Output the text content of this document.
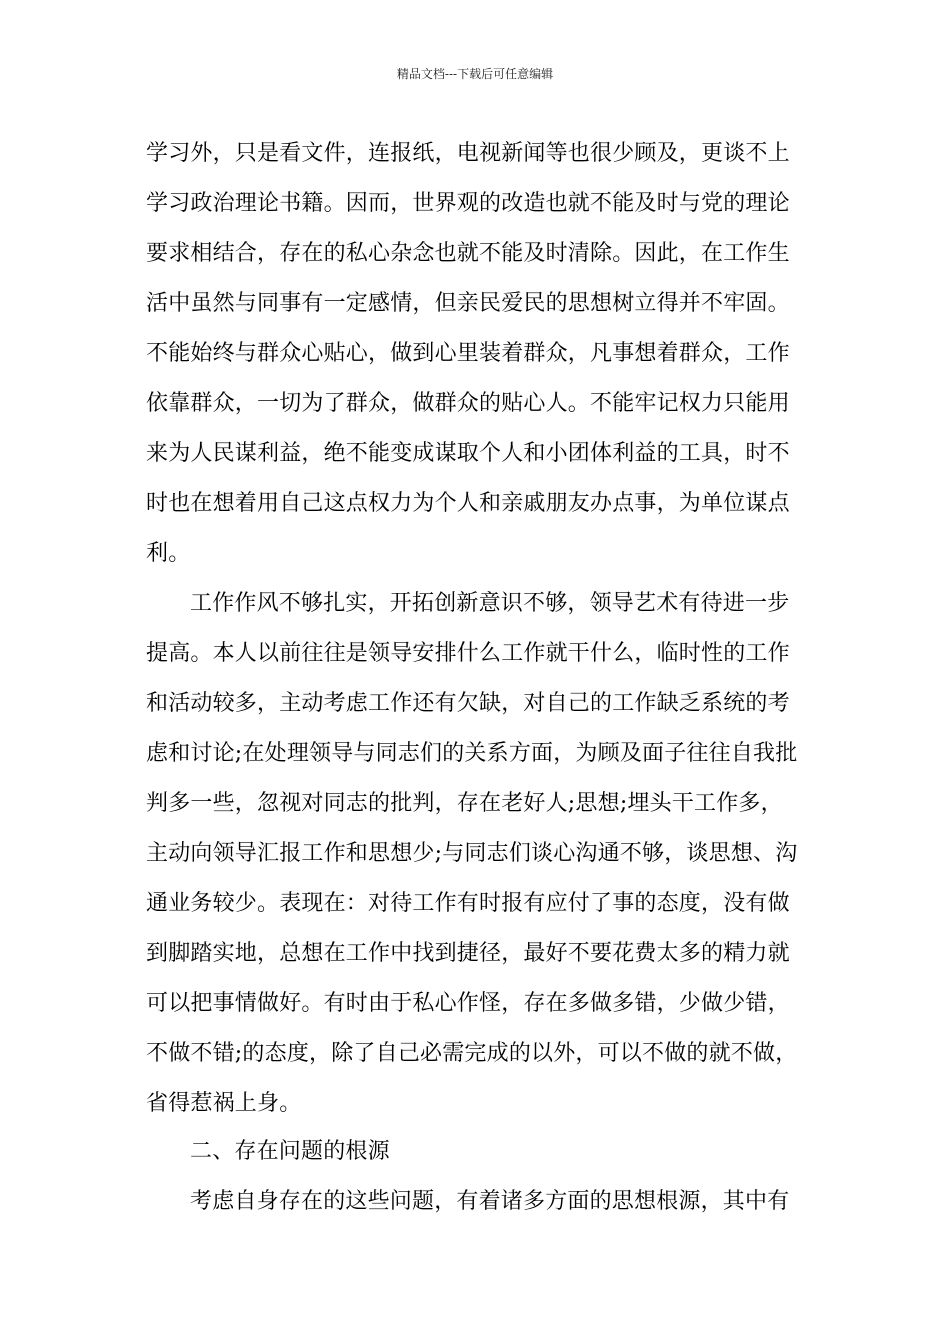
精品文档---下载后可任意编辑
学习外，只是看文件，连报纸，电视新闻等也很少顾及，更谈不上
学习政治理论书籍。因而，世界观的改造也就不能及时与党的理论
要求相结合，存在的私心杂念也就不能及时清除。因此，在工作生
活中虽然与同事有一定感情，但亲民爱民的思想树立得并不牢固。
不能始终与群众心贴心，做到心里装着群众，凡事想着群众，工作
依靠群众，一切为了群众，做群众的贴心人。不能牢记权力只能用
来为人民谋利益，绝不能变成谋取个人和小团体利益的工具，时不
时也在想着用自己这点权力为个人和亲戚朋友办点事，为单位谋点
利。
工作作风不够扎实，开拓创新意识不够，领导艺术有待进一步
提高。本人以前往往是领导安排什么工作就干什么，临时性的工作
和活动较多，主动考虑工作还有欠缺，对自己的工作缺乏系统的考
虑和讨论;在处理领导与同志们的关系方面，为顾及面子往往自我批
判多一些，忽视对同志的批判，存在老好人;思想;埋头干工作多，
主动向领导汇报工作和思想少;与同志们谈心沟通不够，谈思想、沟
通业务较少。表现在：对待工作有时报有应付了事的态度，没有做
到脚踏实地，总想在工作中找到捷径，最好不要花费太多的精力就
可以把事情做好。有时由于私心作怪，存在多做多错，少做少错，
不做不错;的态度，除了自己必需完成的以外，可以不做的就不做，
省得惹祸上身。
二、存在问题的根源
考虑自身存在的这些问题，有着诸多方面的思想根源，其中有
